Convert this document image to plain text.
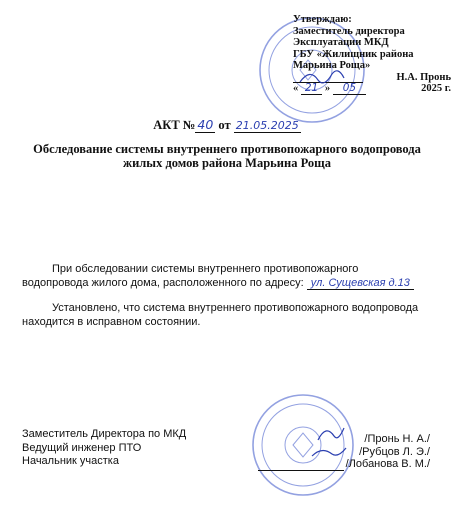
Утверждаю:
Заместитель директора
Эксплуатации МКД
ГБУ «Жилищник района
Марьина Роща»
Н.А. Пронь
« 21 » 05	2025 г.
АКТ № 40 от 21.05.2025
Обследование системы внутреннего противопожарного водопровода
жилых домов района Марьина Роща
При обследовании системы внутреннего противопожарного
водопровода жилого дома, расположенного по адресу: ул. Сущевская д.13
Установлено, что система внутреннего противопожарного водопровода
находится в исправном состоянии.
Заместитель Директора по МКД
Ведущий инженер ПТО
Начальник участка
/Пронь Н. А./
/Рубцов Л. Э./
/Лобанова В. М./
